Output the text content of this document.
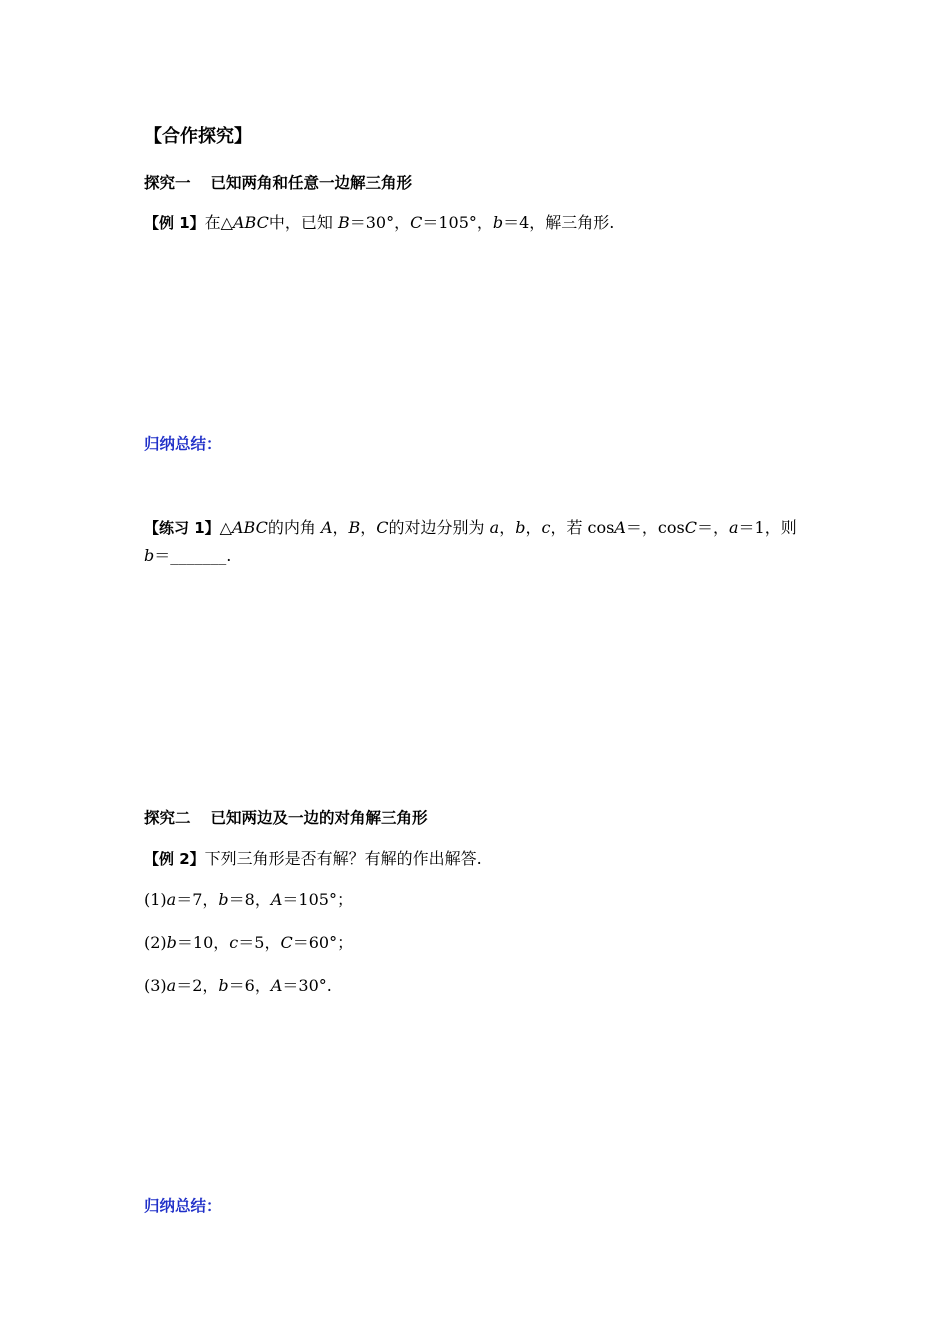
【合作探究】
探究一 已知两角和任意一边解三角形
【例 1】在△ABC中，已知 B＝30°，C＝105°，b＝4，解三角形.
归纳总结：
【练习 1】△ABC的内角 A，B，C的对边分别为 a，b，c，若 cosA＝，cosC＝，a＝1，则
b＝_______.
探究二 已知两边及一边的对角解三角形
【例 2】下列三角形是否有解？有解的作出解答.
(1)a＝7，b＝8，A＝105°；
(2)b＝10，c＝5，C＝60°；
(3)a＝2，b＝6，A＝30°.
归纳总结：
